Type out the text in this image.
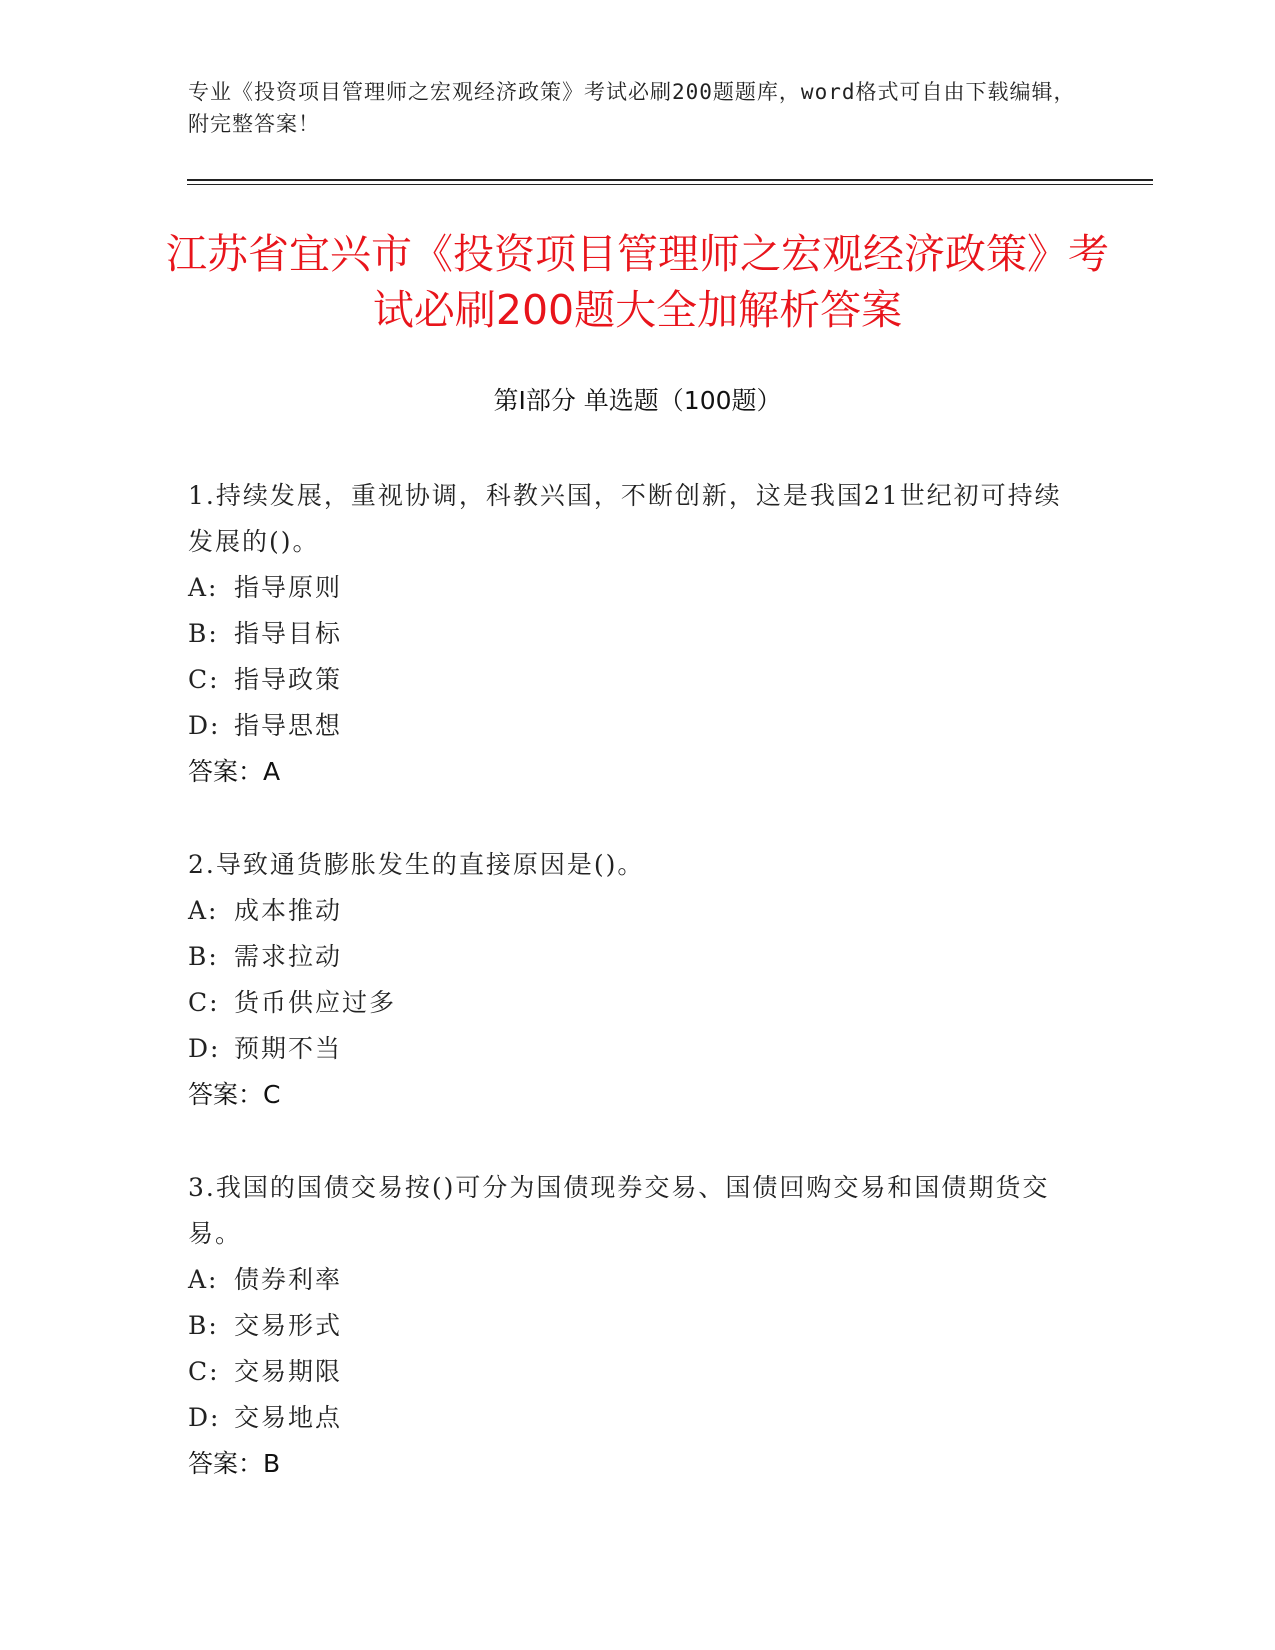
专业《投资项目管理师之宏观经济政策》考试必刷200题题库，word格式可自由下载编辑，附完整答案！
江苏省宜兴市《投资项目管理师之宏观经济政策》考试必刷200题大全加解析答案
第I部分 单选题（100题）
1.持续发展，重视协调，科教兴国，不断创新，这是我国21世纪初可持续发展的()。
A: 指导原则
B: 指导目标
C: 指导政策
D: 指导思想
答案：A
2.导致通货膨胀发生的直接原因是()。
A: 成本推动
B: 需求拉动
C: 货币供应过多
D: 预期不当
答案：C
3.我国的国债交易按()可分为国债现券交易、国债回购交易和国债期货交易。
A: 债券利率
B: 交易形式
C: 交易期限
D: 交易地点
答案：B
